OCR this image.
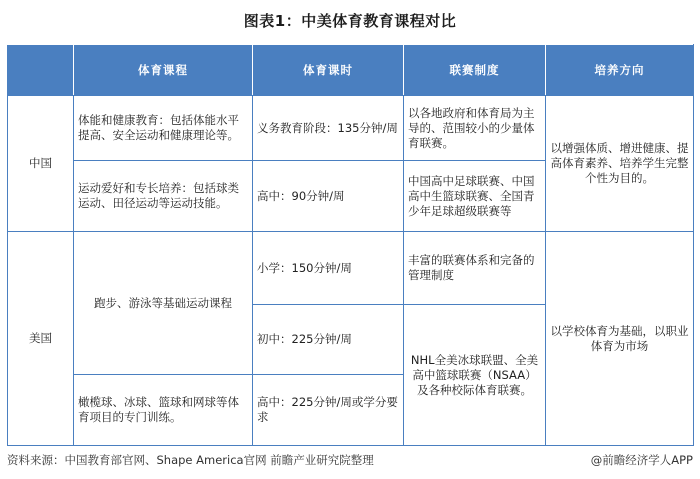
图表1：中美体育教育课程对比
	体育课程	体育课时	联赛制度	培养方向
中国	体能和健康教育：包括体能水平提高、安全运动和健康理论等。	义务教育阶段：135分钟/周	以各地政府和体育局为主导的、范围较小的少量体育联赛。	以增强体质、增进健康、提高体育素养、培养学生完整个性为目的。
	运动爱好和专长培养：包括球类运动、田径运动等运动技能。	高中：90分钟/周	中国高中足球联赛、中国高中生篮球联赛、全国青少年足球超级联赛等	
美国	跑步、游泳等基础运动课程	小学：150分钟/周	丰富的联赛体系和完备的管理制度	以学校体育为基础，以职业体育为市场
		初中：225分钟/周	NHL全美冰球联盟、全美高中篮球联赛（NSAA）及各种校际体育联赛。	
	橄榄球、冰球、篮球和网球等体育项目的专门训练。	高中：225分钟/周或学分要求		
资料来源：中国教育部官网、Shape America官网 前瞻产业研究院整理	@前瞻经济学人APP
